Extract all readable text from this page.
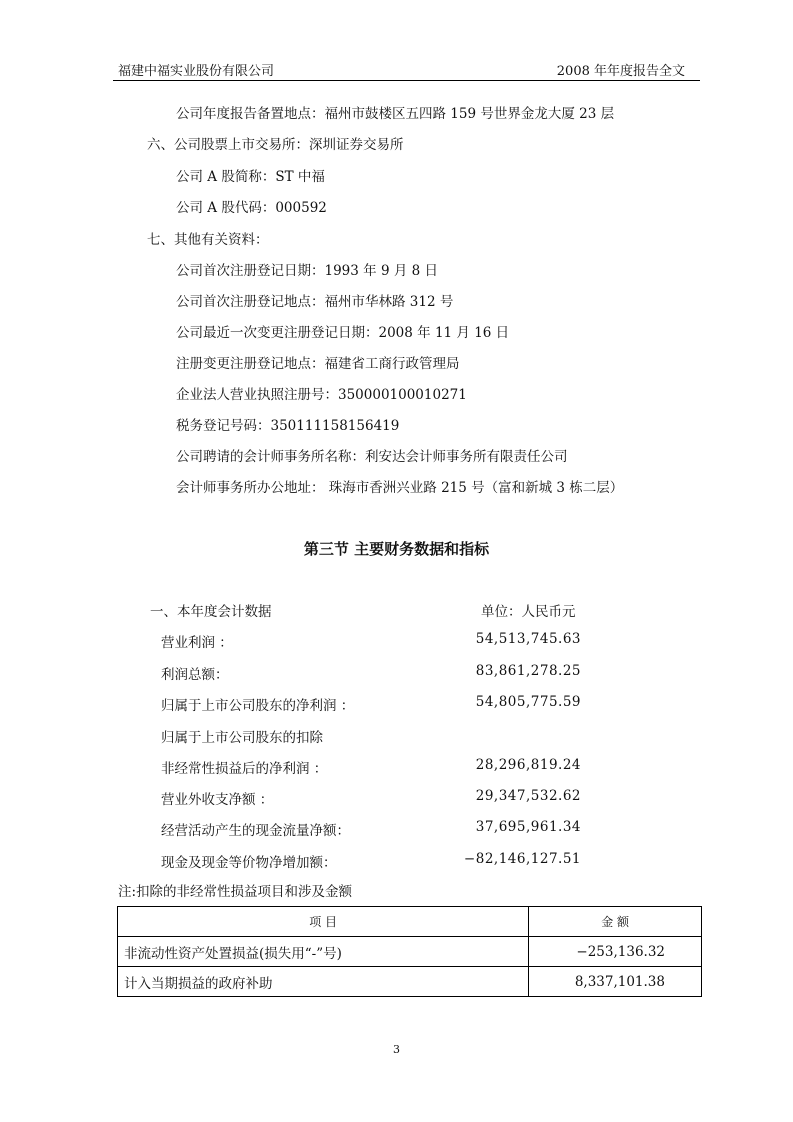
福建中福实业股份有限公司	2008 年年度报告全文
公司年度报告备置地点：福州市鼓楼区五四路 159 号世界金龙大厦 23 层
六、公司股票上市交易所：深圳证券交易所
公司 A 股简称：ST 中福
公司 A 股代码：000592
七、其他有关资料：
公司首次注册登记日期：1993 年 9 月 8 日
公司首次注册登记地点：福州市华林路 312 号
公司最近一次变更注册登记日期：2008 年 11 月 16 日
注册变更注册登记地点：福建省工商行政管理局
企业法人营业执照注册号：350000100010271
税务登记号码：350111158156419
公司聘请的会计师事务所名称：利安达会计师事务所有限责任公司
会计师事务所办公地址： 珠海市香洲兴业路 215 号（富和新城 3 栋二层）
第三节 主要财务数据和指标
一、本年度会计数据	单位：人民币元
营业利润 ：	54,513,745.63
利润总额：	83,861,278.25
归属于上市公司股东的净利润 ：	54,805,775.59
归属于上市公司股东的扣除
非经常性损益后的净利润 ：	28,296,819.24
营业外收支净额 ：	29,347,532.62
经营活动产生的现金流量净额：	37,695,961.34
现金及现金等价物净增加额：	−82,146,127.51
注:扣除的非经常性损益项目和涉及金额
项 目	金 额
非流动性资产处置损益(损失用“-”号)	−253,136.32
计入当期损益的政府补助	8,337,101.38
3
